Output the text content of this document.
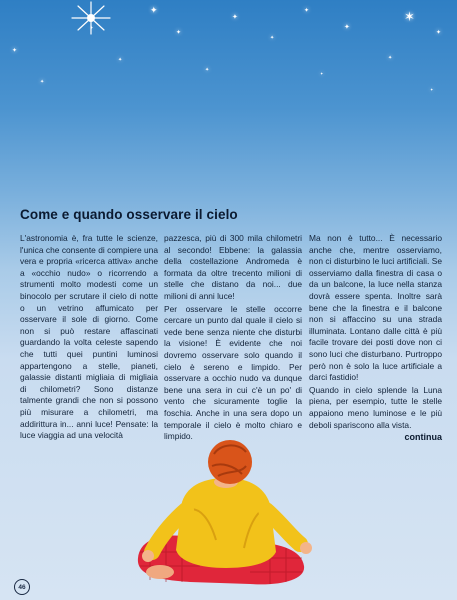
✦
✦
✦
✦
✦
✦
✦
✶
✦
✦
✦
✦
✦
✦
✦
✦
Come e quando osservare il cielo

L'astronomia è, fra tutte le scienze, l'unica che consente di compiere una vera e propria «ricerca attiva» anche a «occhio nudo» o ricorrendo a strumenti molto modesti come un binocolo per scrutare il cielo di notte o un vetrino affumicato per osservare il sole di giorno. Come non si può restare affascinati guardando la volta celeste sapendo che tutti quei puntini luminosi appartengono a stelle, pianeti, galassie distanti migliaia di migliaia di chilometri? Sono distanze talmente grandi che non si possono più misurare a chilometri, ma addirittura in... anni luce! Pensate: la luce viaggia ad una velocità

pazzesca, più di 300 mila chilometri al secondo! Ebbene: la galassia della costellazione Andromeda è formata da oltre trecento milioni di stelle che distano da noi... due milioni di anni luce!

Per osservare le stelle occorre cercare un punto dal quale il cielo si vede bene senza niente che disturbi la visione! È evidente che noi dovremo osservare solo quando il cielo è sereno e limpido. Per osservare a occhio nudo va dunque bene una sera in cui c'è un po' di vento che sicuramente toglie la foschia. Anche in una sera dopo un temporale il cielo è molto chiaro e limpido.

Ma non è tutto... È necessario anche che, mentre osserviamo, non ci disturbino le luci artificiali. Se osserviamo dalla finestra di casa o da un balcone, la luce nella stanza dovrà essere spenta. Inoltre sarà bene che la finestra e il balcone non si affaccino su una strada illuminata. Lontano dalle città è più facile trovare dei posti dove non ci sono luci che disturbano. Purtroppo però non è solo la luce artificiale a darci fastidio!

Quando in cielo splende la Luna piena, per esempio, tutte le stelle appaiono meno luminose e le più deboli spariscono alla vista.

continua
46
